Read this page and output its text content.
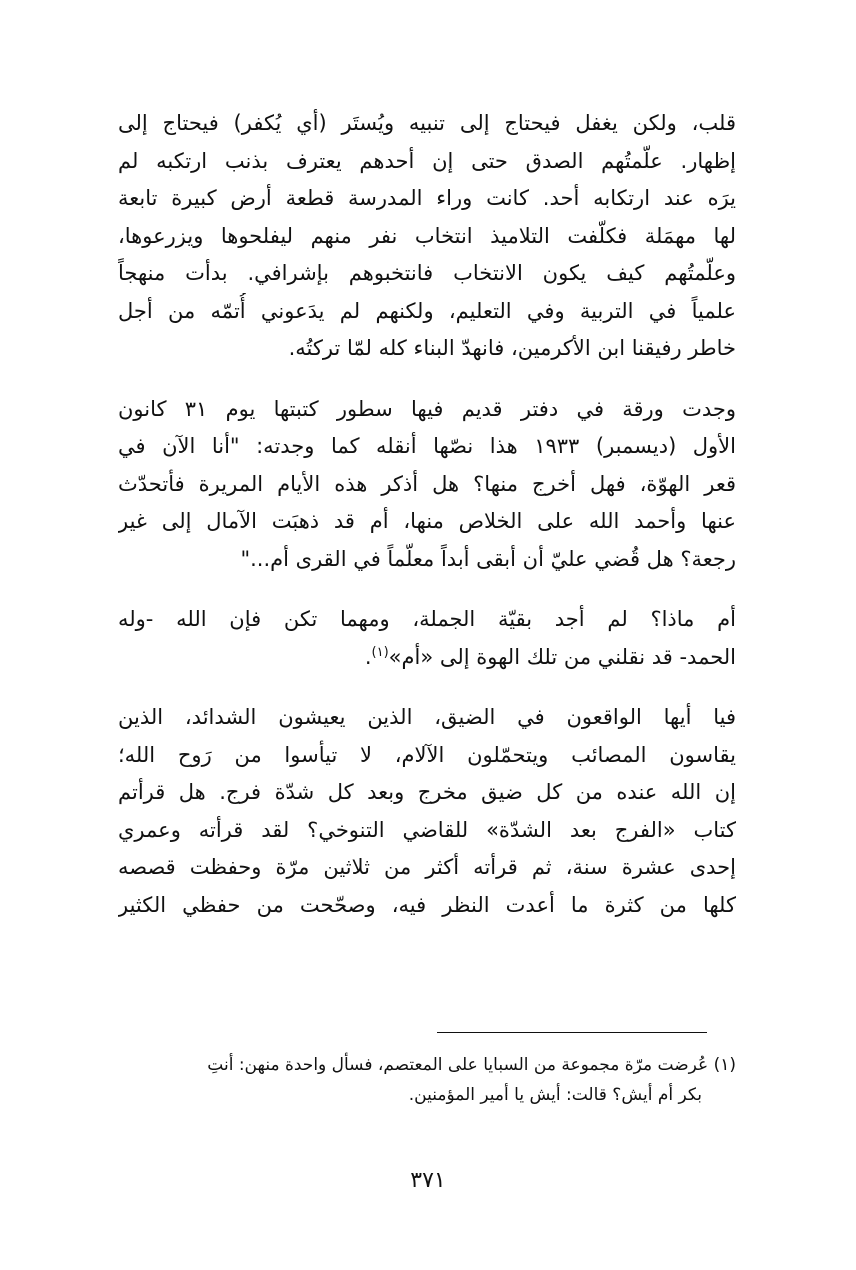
قلب، ولكن يغفل فيحتاج إلى تنبيه ويُستَر (أي يُكفر) فيحتاج إلى
إظهار. علّمتُهم الصدق حتى إن أحدهم يعترف بذنب ارتكبه لم
يرَه عند ارتكابه أحد. كانت وراء المدرسة قطعة أرض كبيرة تابعة
لها مهمَلة فكلّفت التلاميذ انتخاب نفر منهم ليفلحوها ويزرعوها،
وعلّمتُهم كيف يكون الانتخاب فانتخبوهم بإشرافي. بدأت منهجاً
علمياً في التربية وفي التعليم، ولكنهم لم يدَعوني أُتمّه من أجل
خاطر رفيقنا ابن الأكرمين، فانهدّ البناء كله لمّا تركتُه.
وجدت ورقة في دفتر قديم فيها سطور كتبتها يوم ٣١ كانون
الأول (ديسمبر) ١٩٣٣ هذا نصّها أنقله كما وجدته: "أنا الآن في
قعر الهوّة، فهل أخرج منها؟ هل أذكر هذه الأيام المريرة فأتحدّث
عنها وأحمد الله على الخلاص منها، أم قد ذهبَت الآمال إلى غير
رجعة؟ هل قُضي عليّ أن أبقى أبداً معلّماً في القرى أم..."
أم ماذا؟ لم أجد بقيّة الجملة، ومهما تكن فإن الله -وله
الحمد- قد نقلني من تلك الهوة إلى «أم»$^{(١)}$.
فيا أيها الواقعون في الضيق، الذين يعيشون الشدائد، الذين
يقاسون المصائب ويتحمّلون الآلام، لا تيأسوا من رَوح الله؛
إن الله عنده من كل ضيق مخرج وبعد كل شدّة فرج. هل قرأتم
كتاب «الفرج بعد الشدّة» للقاضي التنوخي؟ لقد قرأته وعمري
إحدى عشرة سنة، ثم قرأته أكثر من ثلاثين مرّة وحفظت قصصه
كلها من كثرة ما أعدت النظر فيه، وصحّحت من حفظي الكثير
(١) عُرضت مرّة مجموعة من السبايا على المعتصم، فسأل واحدة منهن: أنتِ
بكر أم أيش؟ قالت: أيش يا أمير المؤمنين.
٣٧١
